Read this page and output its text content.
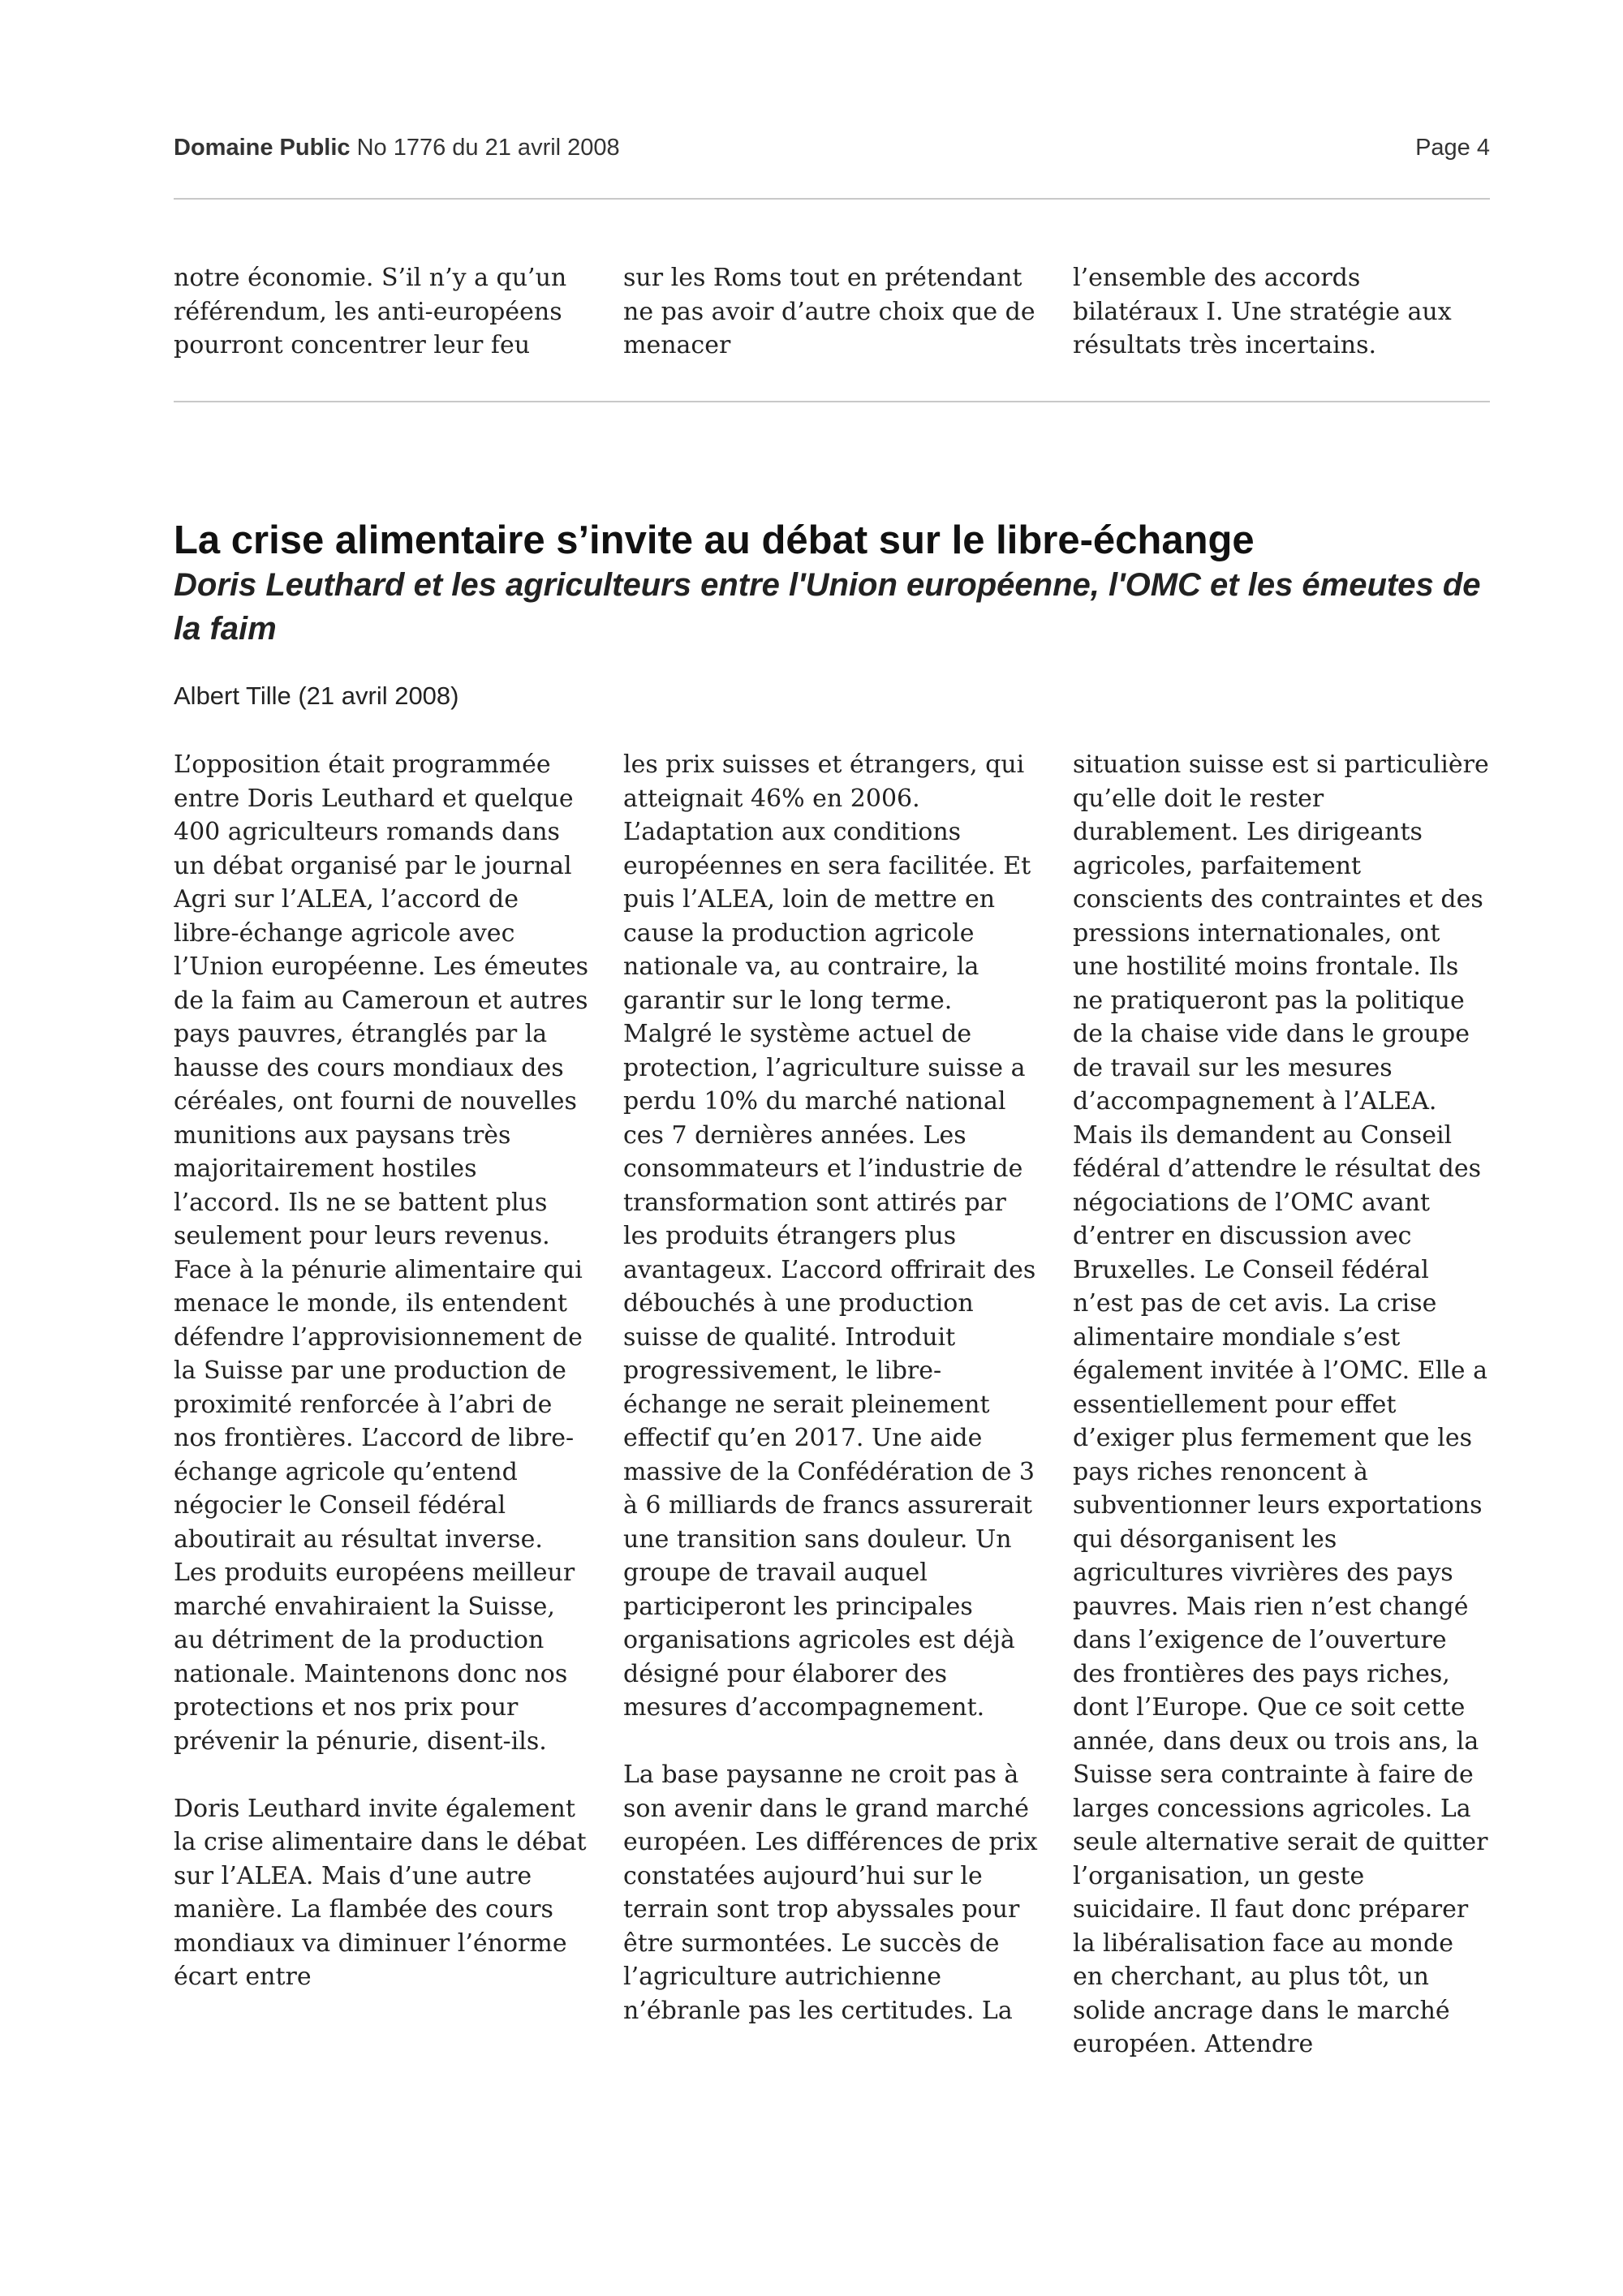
Domaine Public No 1776 du 21 avril 2008	Page 4

notre économie. S’il n’y a qu’un référendum, les anti-européens pourront concentrer leur feu

sur les Roms tout en prétendant ne pas avoir d’autre choix que de menacer

l’ensemble des accords bilatéraux I. Une stratégie aux résultats très incertains.

La crise alimentaire s’invite au débat sur le libre-échange
Doris Leuthard et les agriculteurs entre l'Union européenne, l'OMC et les émeutes de la faim
Albert Tille (21 avril 2008)

L’opposition était programmée entre Doris Leuthard et quelque 400 agriculteurs romands dans un débat organisé par le journal Agri sur l’ALEA, l’accord de libre-échange agricole avec l’Union européenne. Les émeutes de la faim au Cameroun et autres pays pauvres, étranglés par la hausse des cours mondiaux des céréales, ont fourni de nouvelles munitions aux paysans très majoritairement hostiles l’accord. Ils ne se battent plus seulement pour leurs revenus. Face à la pénurie alimentaire qui menace le monde, ils entendent défendre l’approvisionnement de la Suisse par une production de proximité renforcée à l’abri de nos frontières. L’accord de libre-échange agricole qu’entend négocier le Conseil fédéral aboutirait au résultat inverse. Les produits européens meilleur marché envahiraient la Suisse, au détriment de la production nationale. Maintenons donc nos protections et nos prix pour prévenir la pénurie, disent-ils.

Doris Leuthard invite également la crise alimentaire dans le débat sur l’ALEA. Mais d’une autre manière. La flambée des cours mondiaux va diminuer l’énorme écart entre

les prix suisses et étrangers, qui atteignait 46% en 2006. L’adaptation aux conditions européennes en sera facilitée. Et puis l’ALEA, loin de mettre en cause la production agricole nationale va, au contraire, la garantir sur le long terme. Malgré le système actuel de protection, l’agriculture suisse a perdu 10% du marché national ces 7 dernières années. Les consommateurs et l’industrie de transformation sont attirés par les produits étrangers plus avantageux. L’accord offrirait des débouchés à une production suisse de qualité. Introduit progressivement, le libre-échange ne serait pleinement effectif qu’en 2017. Une aide massive de la Confédération de 3 à 6 milliards de francs assurerait une transition sans douleur. Un groupe de travail auquel participeront les principales organisations agricoles est déjà désigné pour élaborer des mesures d’accompagnement.

La base paysanne ne croit pas à son avenir dans le grand marché européen. Les différences de prix constatées aujourd’hui sur le terrain sont trop abyssales pour être surmontées. Le succès de l’agriculture autrichienne n’ébranle pas les certitudes. La

situation suisse est si particulière qu’elle doit le rester durablement. Les dirigeants agricoles, parfaitement conscients des contraintes et des pressions internationales, ont une hostilité moins frontale. Ils ne pratiqueront pas la politique de la chaise vide dans le groupe de travail sur les mesures d’accompagnement à l’ALEA. Mais ils demandent au Conseil fédéral d’attendre le résultat des négociations de l’OMC avant d’entrer en discussion avec Bruxelles. Le Conseil fédéral n’est pas de cet avis. La crise alimentaire mondiale s’est également invitée à l’OMC. Elle a essentiellement pour effet d’exiger plus fermement que les pays riches renoncent à subventionner leurs exportations qui désorganisent les agricultures vivrières des pays pauvres. Mais rien n’est changé dans l’exigence de l’ouverture des frontières des pays riches, dont l’Europe. Que ce soit cette année, dans deux ou trois ans, la Suisse sera contrainte à faire de larges concessions agricoles. La seule alternative serait de quitter l’organisation, un geste suicidaire. Il faut donc préparer la libéralisation face au monde en cherchant, au plus tôt, un solide ancrage dans le marché européen. Attendre
